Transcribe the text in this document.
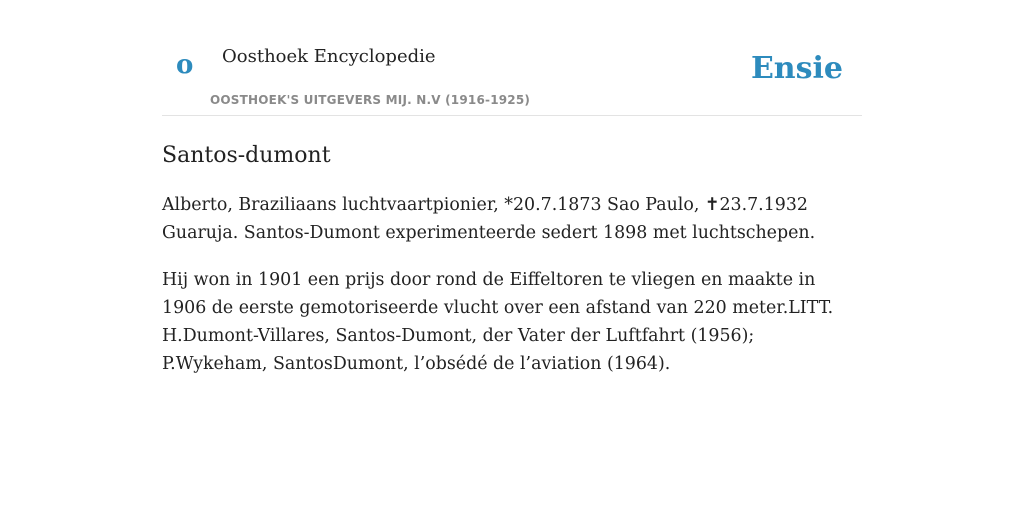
o Oosthoek Encyclopedie	Ensie
OOSTHOEK'S UITGEVERS MIJ. N.V (1916-1925)
Santos-dumont

Alberto, Braziliaans luchtvaartpionier, *20.7.1873 Sao Paulo, ✝23.7.1932 Guaruja. Santos-Dumont experimenteerde sedert 1898 met luchtschepen.

Hij won in 1901 een prijs door rond de Eiffeltoren te vliegen en maakte in 1906 de eerste gemotoriseerde vlucht over een afstand van 220 meter.LITT. H.Dumont-Villares, Santos-Dumont, der Vater der Luftfahrt (1956); P.Wykeham, SantosDumont, l’obsédé de l’aviation (1964).
